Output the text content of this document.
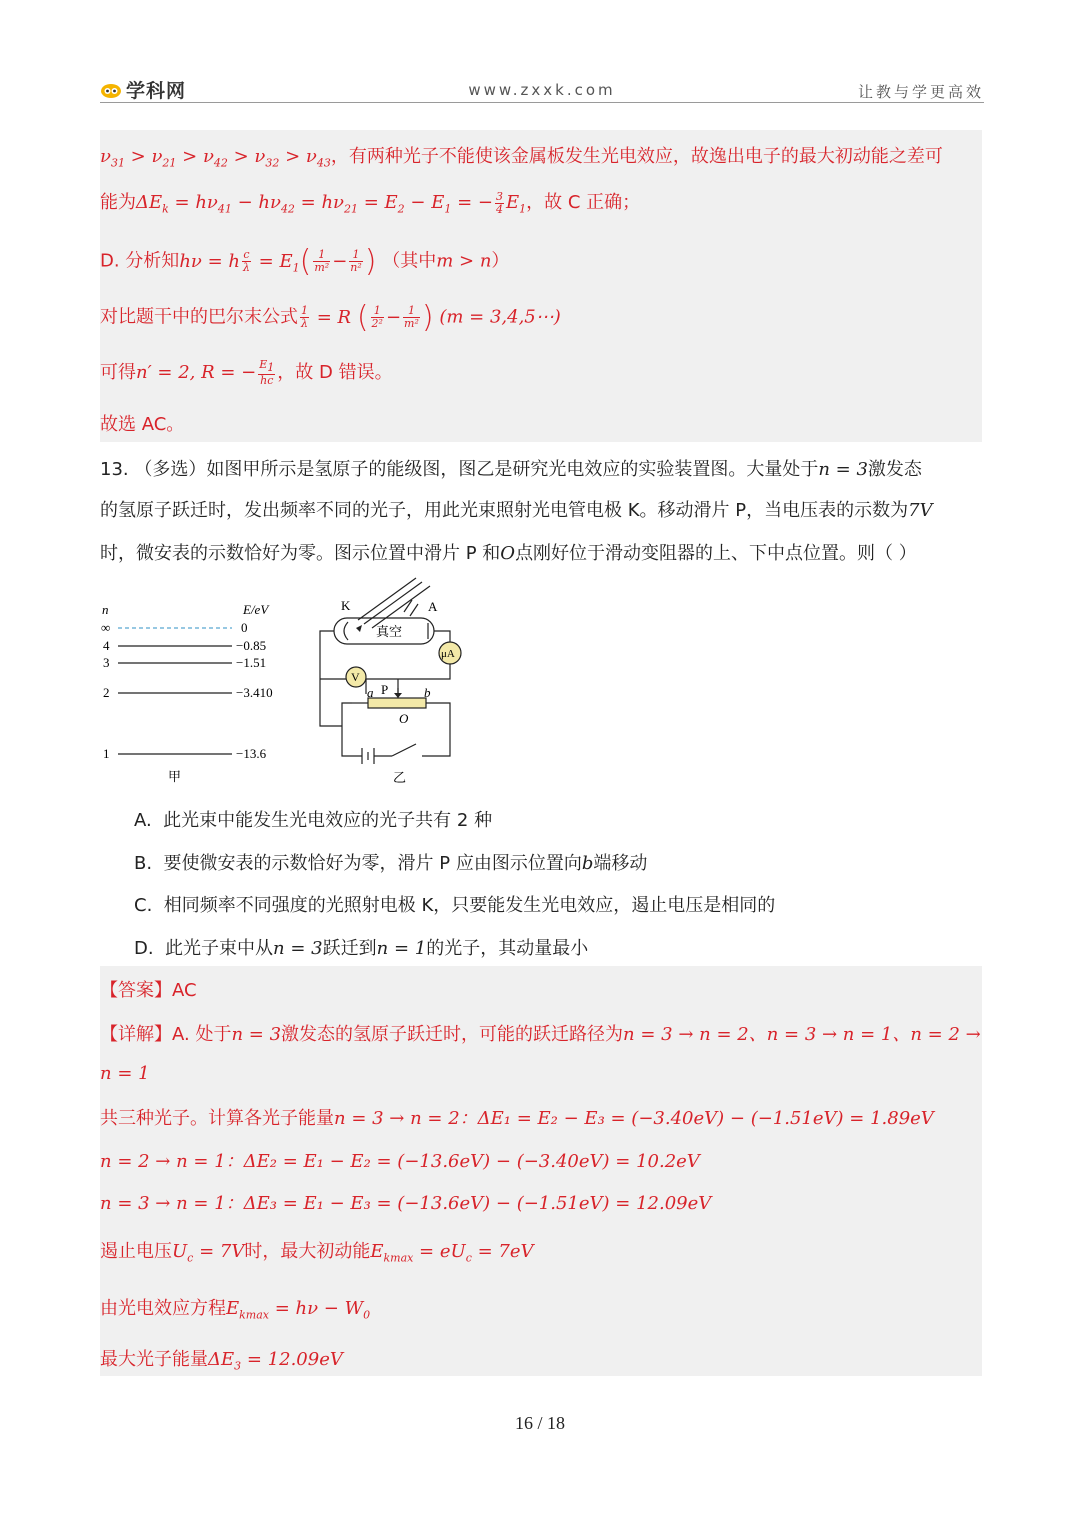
学科网	www.zxxk.com	让教与学更高效
$\nu_{31} > \nu_{21} > \nu_{42} > \nu_{32} > \nu_{43}$，有两种光子不能使该金属板发生光电效应，故逸出电子的最大初动能之差可
能为$\Delta E_k = h\nu_{41} - h\nu_{42} = h\nu_{21} = E_2 - E_1$ = − $\frac{3}{4} E_1$，故 C 正确；
D. 分析知hν = h $\frac{c}{\lambda} = E_1( \frac{1}{\text{m²}} - \frac{1}{\text{n²}}$ ) （其中m > n）
对比题干中的巴尔末公式 $\frac{1}{\lambda} = R$ ( $\frac{1}{\text{2²}} - \frac{1}{\text{m²}}$ ) (m = 3,4,5⋯)
可得n′ = 2, R = − $\frac{E_1}{hc}$ ，故 D 错误。
故选 AC。
13. （多选）如图甲所示是氢原子的能级图，图乙是研究光电效应的实验装置图。大量处于n = 3激发态
的氢原子跃迁时，发出频率不同的光子，用此光束照射光电管电极 K。移动滑片 P，当电压表的示数为7V
时，微安表的示数恰好为零。图示位置中滑片 P 和O点刚好位于滑动变阻器的上、下中点位置。则（ ）
n	E/eV
∞
4
3
2
1
0
−0.85
−1.51
−3.410
−13.6
甲
K	A
真空
μA
V
a	b
P
O
乙
A. 此光束中能发生光电效应的光子共有 2 种
B. 要使微安表的示数恰好为零，滑片 P 应由图示位置向b端移动
C. 相同频率不同强度的光照射电极 K，只要能发生光电效应，遏止电压是相同的
D. 此光子束中从n = 3跃迁到n = 1的光子，其动量最小
【答案】AC
【详解】A. 处于n = 3激发态的氢原子跃迁时，可能的跃迁路径为n = 3 → n = 2、n = 3 → n = 1、n = 2 →
n = 1
共三种光子。计算各光子能量n = 3 → n = 2：ΔE₁ = E₂ − E₃ = (−3.40eV) − (−1.51eV) = 1.89eV
n = 2 → n = 1：ΔE₂ = E₁ − E₂ = (−13.6eV) − (−3.40eV) = 10.2eV
n = 3 → n = 1：ΔE₃ = E₁ − E₃ = (−13.6eV) − (−1.51eV) = 12.09eV
遏止电压$U_c = 7V$时，最大初动能$E_{kmax} = eU_c = 7eV$
由光电效应方程$E_{kmax} = h\nu - W_0$
最大光子能量$\Delta E_3 = 12.09eV$
16 / 18
